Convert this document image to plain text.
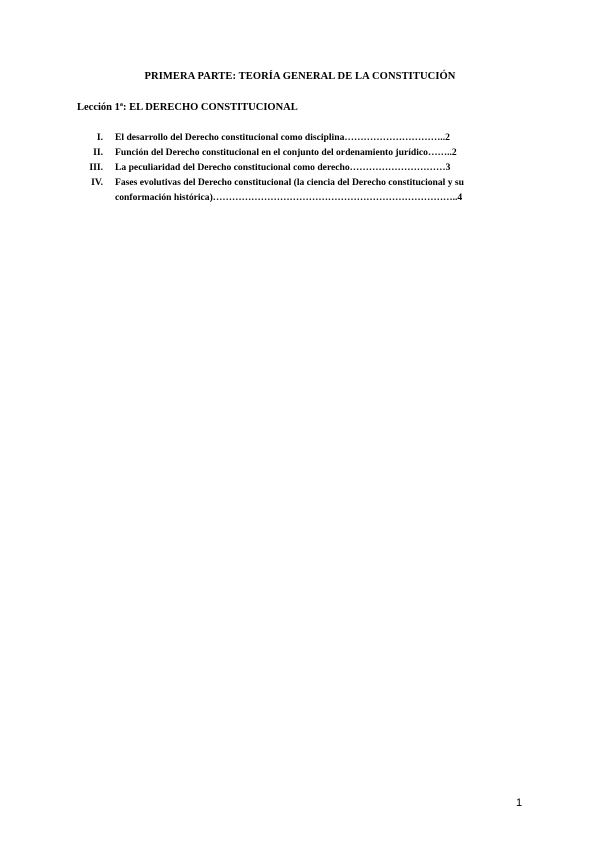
PRIMERA PARTE: TEORÍA GENERAL DE LA CONSTITUCIÓN
Lección 1ª: EL DERECHO CONSTITUCIONAL
I.	El desarrollo del Derecho constitucional como disciplina…………………………..2
II.	Función del Derecho constitucional en el conjunto del ordenamiento jurídico……..2
III.	La peculiaridad del Derecho constitucional como derecho…………………………3
IV.	Fases evolutivas del Derecho constitucional (la ciencia del Derecho constitucional y su conformación histórica)…………………………………………………………………..4
1
